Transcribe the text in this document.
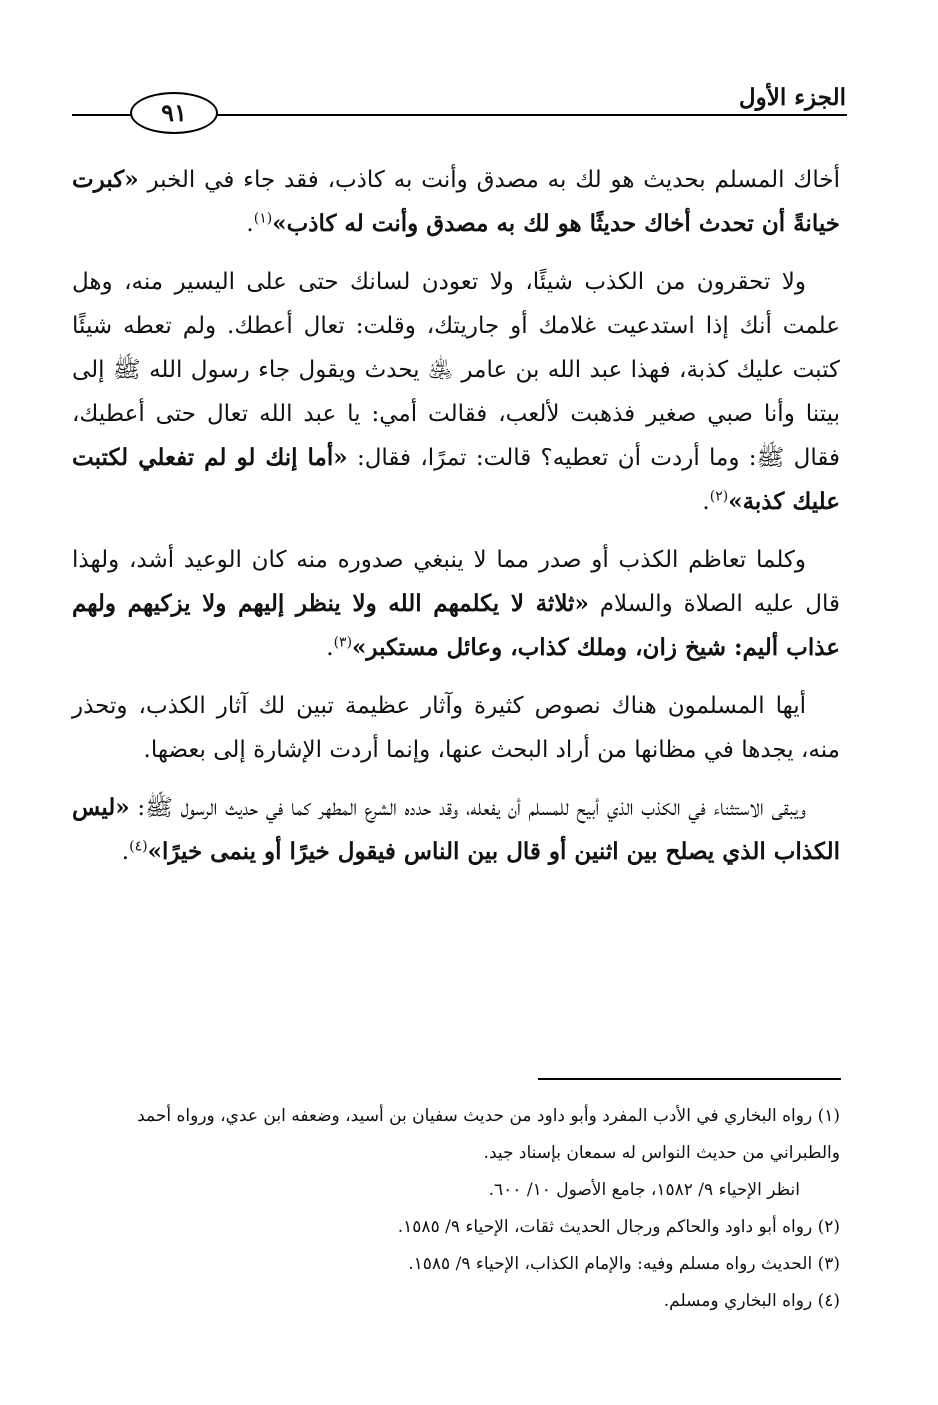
الجزء الأول
٩١

أخاك المسلم بحديث هو لك به مصدق وأنت به كاذب، فقد جاء في الخبر «كبرت خيانةً أن تحدث أخاك حديثًا هو لك به مصدق وأنت له كاذب»$^{(١)}$.

ولا تحقرون من الكذب شيئًا، ولا تعودن لسانك حتى على اليسير منه، وهل علمت أنك إذا استدعيت غلامك أو جاريتك، وقلت: تعال أعطك. ولم تعطه شيئًا كتبت عليك كذبة، فهذا عبد الله بن عامر ﵁ يحدث ويقول جاء رسول الله ﷺ إلى بيتنا وأنا صبي صغير فذهبت لألعب، فقالت أمي: يا عبد الله تعال حتى أعطيك، فقال ﷺ: وما أردت أن تعطيه؟ قالت: تمرًا، فقال: «أما إنك لو لم تفعلي لكتبت عليك كذبة»$^{(٢)}$.

وكلما تعاظم الكذب أو صدر مما لا ينبغي صدوره منه كان الوعيد أشد، ولهذا قال عليه الصلاة والسلام «ثلاثة لا يكلمهم الله ولا ينظر إليهم ولا يزكيهم ولهم عذاب أليم: شيخ زان، وملك كذاب، وعائل مستكبر»$^{(٣)}$.

أيها المسلمون هناك نصوص كثيرة وآثار عظيمة تبين لك آثار الكذب، وتحذر منه، يجدها في مظانها من أراد البحث عنها، وإنما أردت الإشارة إلى بعضها.

ويبقى الاستثناء في الكذب الذي أبيح للمسلم أن يفعله، وقد حدده الشرع المطهر كما في حديث الرسول ﷺ: «ليس الكذاب الذي يصلح بين اثنين أو قال بين الناس فيقول خيرًا أو ينمى خيرًا»$^{(٤)}$.

(١) رواه البخاري في الأدب المفرد وأبو داود من حديث سفيان بن أسيد، وضعفه ابن عدي، ورواه أحمد والطبراني من حديث النواس له سمعان بإسناد جيد.
انظر الإحياء ٩/ ١٥٨٢، جامع الأصول ١٠/ ٦٠٠.
(٢) رواه أبو داود والحاكم ورجال الحديث ثقات، الإحياء ٩/ ١٥٨٥.
(٣) الحديث رواه مسلم وفيه: والإمام الكذاب، الإحياء ٩/ ١٥٨٥.
(٤) رواه البخاري ومسلم.
